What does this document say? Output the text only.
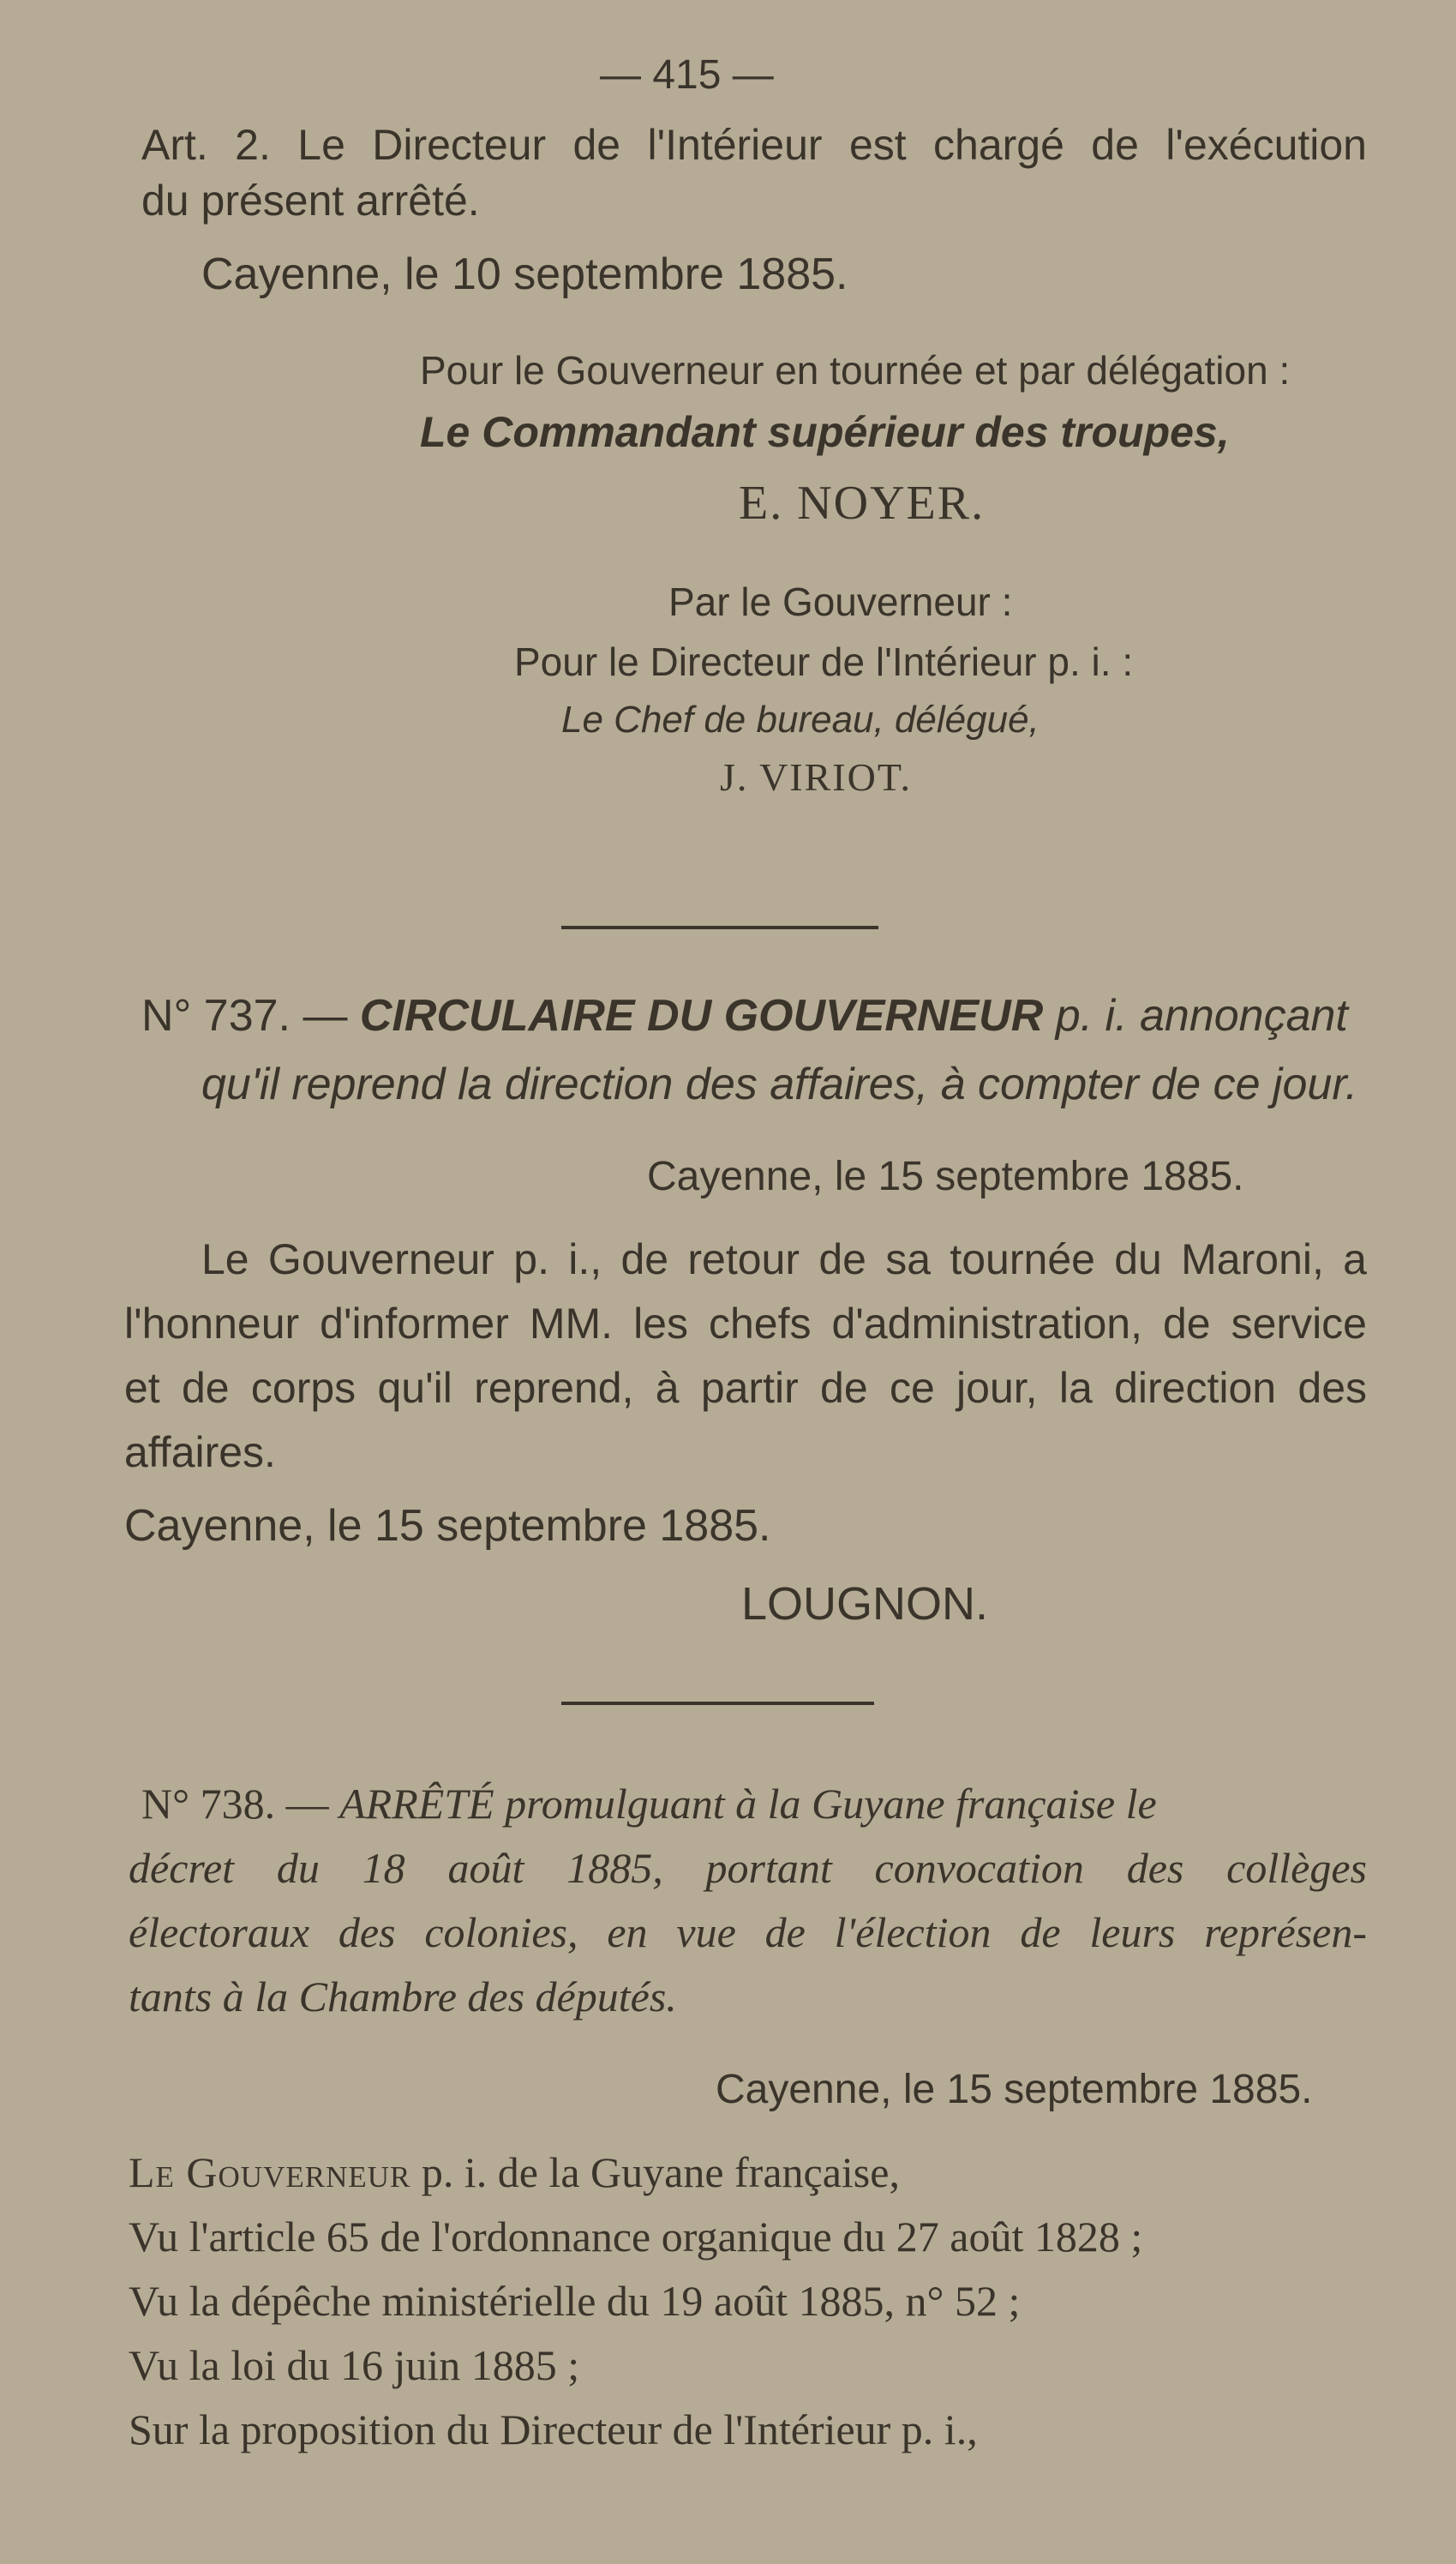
— 415 —
Art. 2. Le Directeur de l'Intérieur est chargé de l'exécution
du présent arrêté.
Cayenne, le 10 septembre 1885.
Pour le Gouverneur en tournée et par délégation :
Le Commandant supérieur des troupes,
E. NOYER.
Par le Gouverneur :
Pour le Directeur de l'Intérieur p. i. :
Le Chef de bureau, délégué,
J. VIRIOT.
N° 737. — CIRCULAIRE DU GOUVERNEUR p. i. annonçant
qu'il reprend la direction des affaires, à compter de ce jour.
Cayenne, le 15 septembre 1885.
Le Gouverneur p. i., de retour de sa tournée du Maroni, a
l'honneur d'informer MM. les chefs d'administration, de service
et de corps qu'il reprend, à partir de ce jour, la direction des
affaires.
Cayenne, le 15 septembre 1885.
LOUGNON.
N° 738. — ARRÊTÉ promulguant à la Guyane française le
décret du 18 août 1885, portant convocation des collèges
électoraux des colonies, en vue de l'élection de leurs représen-
tants à la Chambre des députés.
Cayenne, le 15 septembre 1885.
Le Gouverneur p. i. de la Guyane française,
Vu l'article 65 de l'ordonnance organique du 27 août 1828 ;
Vu la dépêche ministérielle du 19 août 1885, n° 52 ;
Vu la loi du 16 juin 1885 ;
Sur la proposition du Directeur de l'Intérieur p. i.,
